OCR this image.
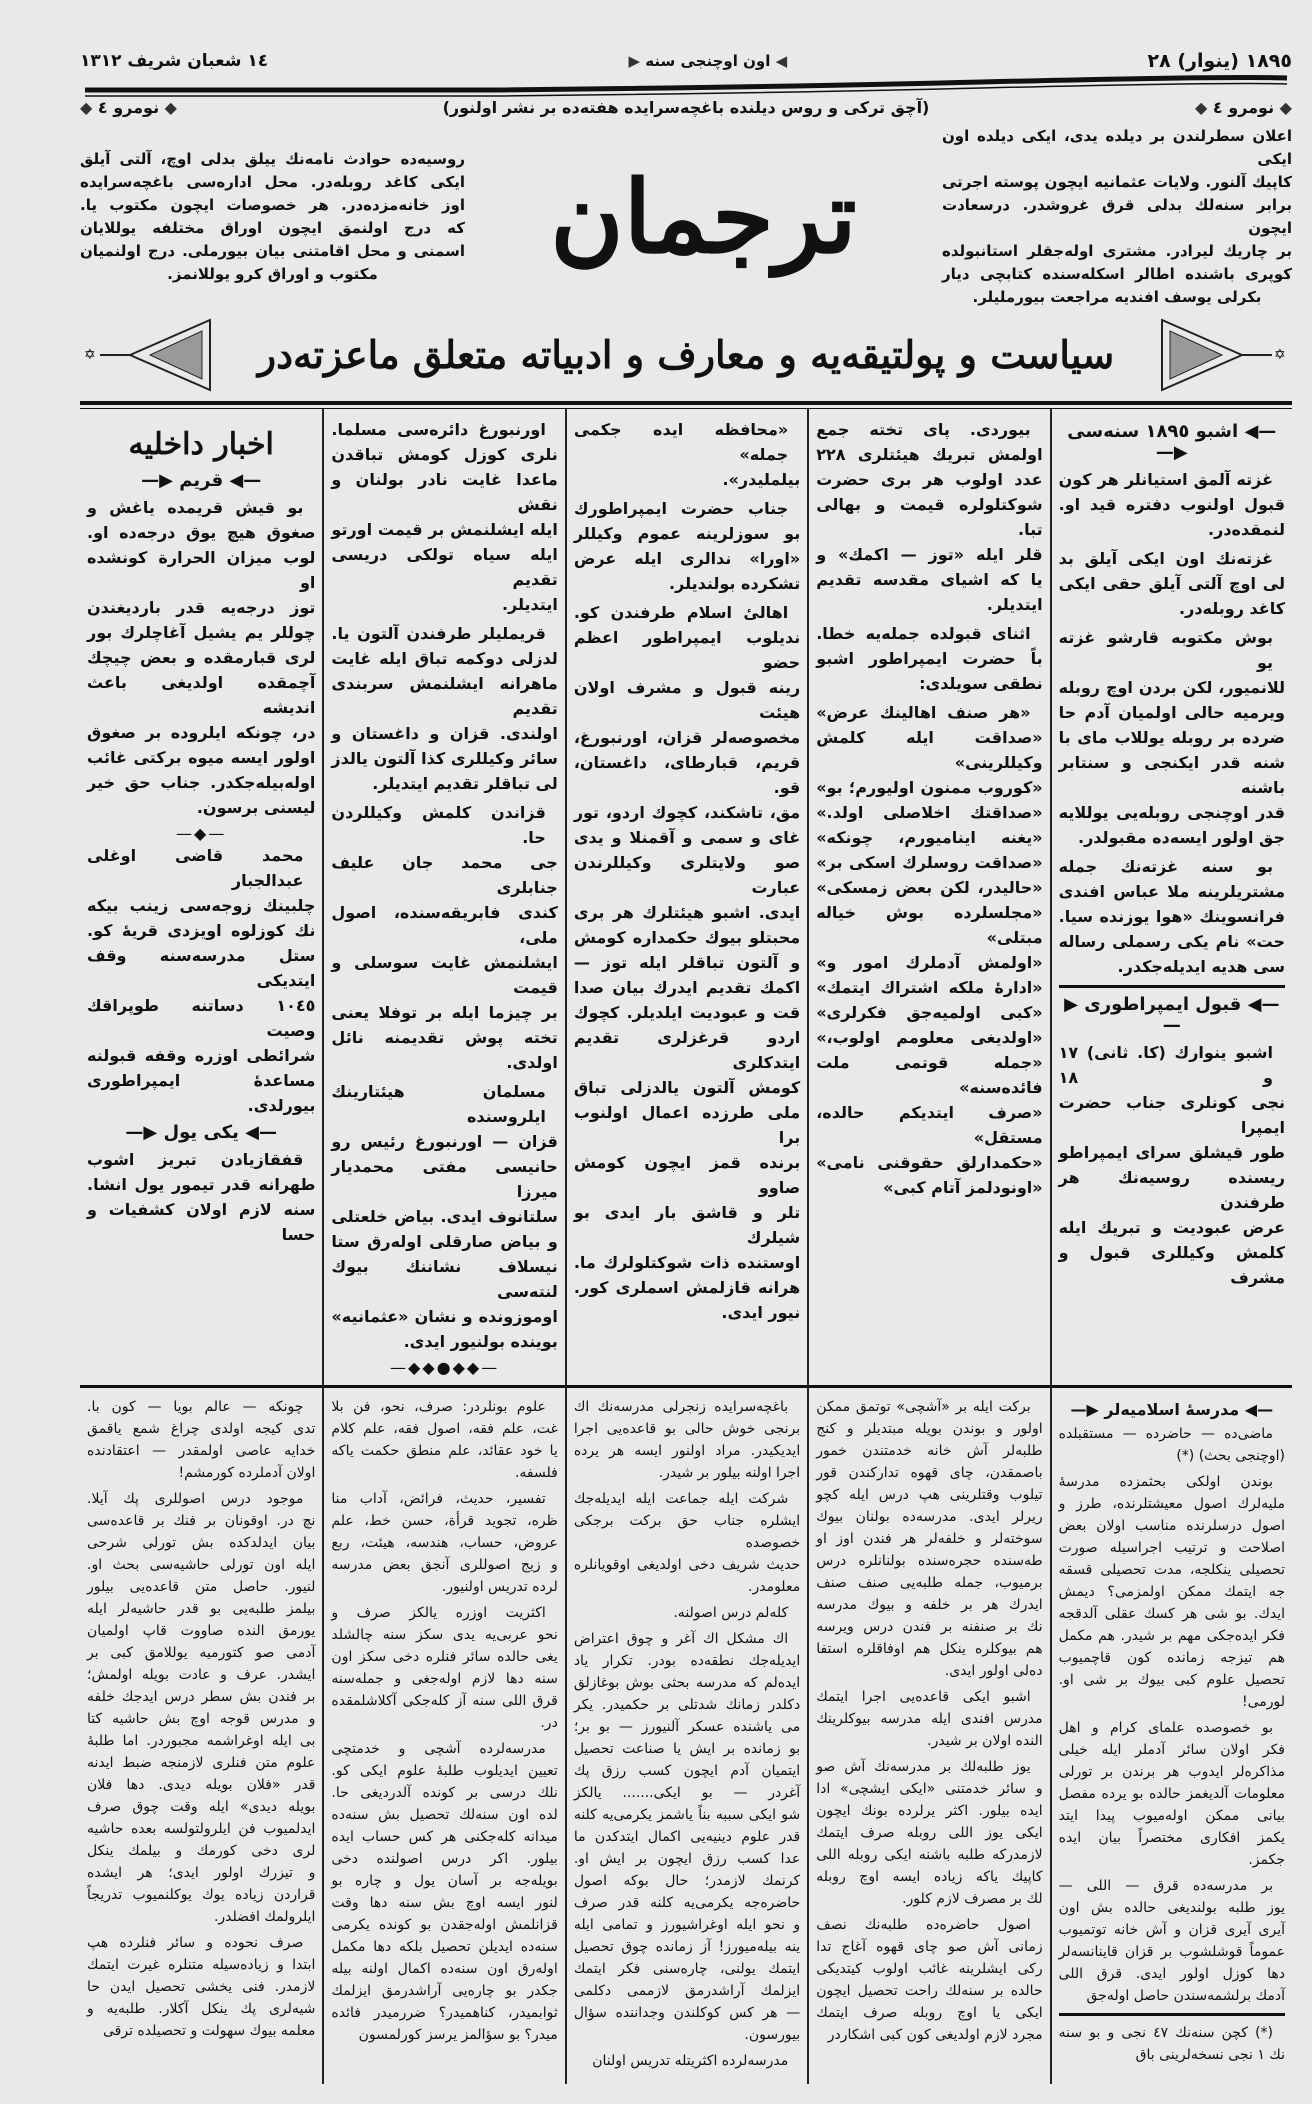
١٤ شعبان شريف ١٣١٢	◀ اون اوچنجی سنه ▶	١٨٩٥ (ينوار) ٢٨
◆ نومرو ٤ ◆	(آچق تركی و روس ديلنده باغچه‌سرايده هفته‌ده بر نشر اولنور)	◆ نومرو ٤ ◆
روسيه‌ده حوادث نامه‌نك ييلق بدلی اوچ، آلتی آيلق
ايكی كاغد روبله‌در. محل اداره‌سی باغچه‌سرايده
اوز خانه‌مزده‌در. هر خصوصات ايچون مكتوب يا.
كه درج اولنمق ايچون اوراق مختلفه يوللايان
اسمنی و محل اقامتنی بيان بيورملی. درج اولنميان
مكتوب و اوراق كرو يوللانمز.	ترجمان
اعلان سطرلندن بر ديلده يدی، ايكی ديلده اون ايكی
كاپيك آلنور. ولايات عثمانيه ايچون پوسته اجرتی
برابر سنه‌لك بدلی قرق غروشدر. درسعادت ايچون
بر چاريك ليرادر. مشتری اوله‌جقلر استانبولده
كوپری باشنده اطالر اسكله‌سنده كتابچی ديار
بكرلی يوسف افنديه مراجعت بيورمليلر.
✡	سياست و پولتيقه‌يه و معارف و ادبياته متعلق ماعزته‌در	✡
—◀ اشبو ١٨٩٥ سنه‌سی ▶—
غزته آلمق استيانلر هر كون
قبول اولنوب دفتره قيد او.
لنمقده‌در.
غزته‌نك اون ايكی آيلق بد
لی اوچ آلتی آيلق حقی ايكی
كاغد روبله‌در.
بوش مكتوبه قارشو غزته يو
للانميور، لكن بردن اوچ روبله
ويرميه حالی اولميان آدم حا
ضرده بر روبله يوللاب مای با
شنه قدر ايكنجی و سنتابر باشنه
قدر اوچنجی روبله‌يی يوللايه
جق اولور ايسه‌ده مقبولدر.
بو سنه غزته‌نك جمله
مشتريلرينه ملا عباس افندی
فرانسوينك «هوا يوزنده سيا.
حت» نام يكی رسملی رساله
سی هديه ايديله‌جكدر.
—◀ قبول ايمپراطوری ▶—
اشبو ينوارك (كا. ثانی) ١٧ و ١٨
نجی كونلری جناب حضرت ايمپرا
طور قيشلق سرای ايمپراطو
ريسنده روسيه‌نك هر طرفندن
عرض عبوديت و تبريك ايله
كلمش وكيللری قبول و مشرف
بيوردی. پای تخته جمع
اولمش تبريك هيئتلری ٢٢٨
عدد اولوب هر بری حضرت
شوكتلولره قيمت و بهالی تبا.
قلر ايله «توز — اكمك» و
يا كه اشيای مقدسه تقديم
ايتديلر.
اثنای قبولده جمله‌يه خطا.
باً حضرت ايمپراطور اشبو
نطقی سويلدی:
«هر صنف اهالينك عرض»
«صداقت ايله كلمش وكيللرينی»
«كوروب ممنون اوليورم؛ بو»
«صداقتك اخلاصلی اولد.»
«يغنه ايناميورم، چونكه»
«صداقت روسلرك اسكی بر»
«حاليدر، لكن بعض زمسكی»
«مجلسلرده بوش خياله مبتلی»
«اولمش آدملرك امور و»
«ادارهٔ ملكه اشتراك ايتمك»
«كبی اولميه‌جق فكرلری»
«اولديغی معلومم اولوب،»
«جمله قوتمی ملت فائده‌سنه»
«صرف ايتديكم حالده، مستقل»
«حكمدارلق حقوقنی نامی»
«اونودلمز آتام كبی»
«محافظه ايده جكمی جمله»
بيلمليدر».
جناب حضرت ايمپراطورك
بو سوزلرينه عموم وكيللر
«اورا» ندالری ايله عرض
تشكرده بولنديلر.
اهالیٔ اسلام طرفندن كو.
نديلوب ايمپراطور اعظم حضو
رينه قبول و مشرف اولان هيئت
مخصوصه‌لر قزان، اورنبورغ،
قريم، قبارطای، داغستان، قو.
مق، تاشكند، كچوك اردو، تور
غای و سمی و آقمنلا و يدی
صو ولايتلری وكيللرندن عبارت
ايدی. اشبو هيئتلرك هر بری
محبتلو بيوك حكمداره كومش
و آلتون تباقلر ايله توز —
اكمك تقديم ايدرك بيان صدا
قت و عبوديت ايلديلر. كچوك
اردو قرغزلری تقديم ايتدكلری
كومش آلتون يالدزلی تباق
ملی طرزده اعمال اولنوب برا
برنده قمز ايچون كومش صاوو
تلر و قاشق بار ايدی بو شيلرك
اوستنده ذات شوكتلولرك ما.
هرانه قازلمش اسملری كور.
نيور ايدی.
اورنبورغ دائره‌سی مسلما.
نلری كوزل كومش تباقدن
ماعدا غايت نادر بولنان و نقش
ايله ايشلنمش بر قيمت اورتو
ايله سياه تولكی دريسی تقديم
ايتديلر.
قريمليلر طرفندن آلتون يا.
لدزلی دوكمه تباق ايله غايت
ماهرانه ايشلنمش سربندی تقديم
اولندی. قزان و داغستان و
سائر وكيللری كذا آلتون يالدز
لی تباقلر تقديم ايتديلر.
قزاندن كلمش وكيللردن حا.
جی محمد جان عليف جنابلری
كندی فابريقه‌سنده، اصول ملی،
ايشلنمش غايت سوسلی و قيمت
بر چيزما ايله بر توفلا يعنی
تخته پوش تقديمنه نائل اولدی.
مسلمان هيئتارينك ايلروسنده
قزان — اورنبورغ رئيس رو
حانيسی مفتی محمديار ميرزا
سلتانوف ايدی. بياض خلعتلی
و بياض صارقلی اوله‌رق ستا
نيسلاف نشاننك بيوك لنته‌سی
اوموزونده و نشان «عثمانيه»
بوينده بولنيور ايدی.
—◆◆●◆◆—
اخبار داخليه
—◀ قريم ▶—
بو قيش قريمده ياغش و
صغوق هيچ يوق درجه‌ده او.
لوب ميزان الحرارة كونشده او
توز درجه‌يه قدر بارديغندن
چوللر يم يشيل آغاچلرك بور
لری قبارمقده و بعض چيچك
آچمقده اولديغی باعث انديشه
در، چونكه ايلروده بر صغوق
اولور ايسه ميوه بركتی غائب
اوله‌بيله‌جكدر. جناب حق خير
ليسنی برسون.
—◆—
محمد قاضی اوغلی عبدالجبار
چلبينك زوجه‌سی زينب بيكه
نك كوزلوه اويزدی قريهٔ كو.
ستل مدرسه‌سنه وقف ايتديكی
١٠٤٥ دساتنه طوپراقك وصيت
شرائطی اوزره وقفه قبولنه
مساعدهٔ ايمپراطوری بيورلدی.
—◀ يكی يول ▶—
قفقازيادن تبريز اشوب
طهرانه قدر تيمور يول انشا.
سنه لازم اولان كشفيات و حسا
—◀ مدرسهٔ اسلاميه‌لر ▶—
ماضی‌ده — حاضرده — مستقبلده
(اوچنجی بحث) (*)
بوندن اولكی بحثمزده مدرسهٔ
مليه‌لرك اصول معيشتلرنده، طرز و
اصول درسلرنده مناسب اولان بعض
اصلاحت و ترتيب اجراسيله صورت
تحصيلی ينكلجه، مدت تحصيلی قسقه
جه ايتمك ممكن اولمزمی؟ ديمش
ايدك. بو شی هر كسك عقلی آلدقجه
فكر ايده‌جكی مهم بر شيدر. هم مكمل
هم تيزجه زمانده كون قاچميوب
تحصيل علوم كبی بيوك بر شی او.
لورمی!
بو خصوصده علمای كرام و اهل
فكر اولان سائر آدملر ايله خيلی
مذاكره‌لر ايدوب هر برندن بر تورلی
معلومات آلديغمز حالده بو يرده مفصل
بيانی ممكن اوله‌ميوب پيدا ايتد
يكمز افكاری مختصراً بيان ايده
جكمز.
بر مدرسه‌ده قرق — اللی —
يوز طلبه بولنديغی حالده بش اون
آيری آيری قزان و آش خانه توتميوب
عموماً قوشلشوب بر قزان قاينانسه‌لر
دها كوزل اولور ايدی. قرق اللی
آدمك برلشمه‌سندن حاصل اوله‌جق
(*) كچن سنه‌نك ٤٧ نجی و بو سنه
نك ١ نجی نسخه‌لرينی باق
بركت ايله بر «آشچی» توتمق ممكن
اولور و بوندن بويله مبتديلر و كنج
طلبه‌لر آش خانه خدمتندن خمور
باصمقدن، چای قهوه تداركندن قور
تيلوب وقتلرينی هپ درس ايله كچو
ريرلر ايدی. مدرسه‌ده بولنان بيوك
سوخته‌لر و خلفه‌لر هر فندن اوز او
طه‌سنده حجره‌سنده بولنانلره درس
برميوب، جمله طلبه‌يی صنف صنف
ايدرك هر بر خلفه و بيوك مدرسه
نك بر صنفنه بر فندن درس ويرسه
هم بيوكلره ينكل هم اوفاقلره استفا
ده‌لی اولور ايدی.
اشبو ايكی قاعده‌يی اجرا ايتمك
مدرس افندی ايله مدرسه بيوكلرينك
النده اولان بر شيدر.
يوز طلبه‌لك بر مدرسه‌نك آش صو
و سائر خدمتنی «ايكی ايشچی» ادا
ايده بيلور. اكثر يرلرده بونك ايچون
ايكی يوز اللی روبله صرف ايتمك
لازمدركه طلبه باشنه ايكی روبله اللی
كاپيك ياكه زياده ايسه اوچ روبله
لك بر مصرف لازم كلور.
اصول حاضره‌ده طلبه‌نك نصف
زمانی آش صو چای قهوه آغاج تدا
ركی ايشلرينه غائب اولوب كيتديكی
حالده بر سنه‌لك راحت تحصيل ايچون
ايكی يا اوچ روبله صرف ايتمك
مجرد لازم اولديغی كون كبی اشكاردر
باغچه‌سرايده زنجرلی مدرسه‌نك اك
برنجی خوش حالی بو قاعده‌يی اجرا
ايديكيدر. مراد اولنور ايسه هر يرده
اجرا اولنه بيلور بر شيدر.
شركت ايله جماعت ايله ايديله‌جك
ايشلره جناب حق بركت برجكی خصوصده
حديث شريف دخی اولديغی اوقويانلره
معلومدر.
كله‌لم درس اصولنه.
اك مشكل اك آغر و چوق اعتراض
ايديله‌جك نطقه‌ده بودر. تكرار ياد
ايده‌لم كه مدرسه بحثی بوش بوغازلق
دكلدر زمانك شدتلی بر حكميدر. يكر
می ياشنده عسكر آلنيورز — بو بر؛
بو زمانده بر ايش يا صناعت تحصيل
ايتميان آدم ايچون كسب رزق پك
آغردر — بو ايكی....... يالكز
شو ايكی سببه بناً ياشمز يكرمی‌يه كلنه
قدر علوم دينيه‌يی اكمال ايتدكدن ما
عدا كسب رزق ايچون بر ايش او.
كرنمك لازمدر؛ حال بوكه اصول
حاضره‌جه يكرمی‌يه كلنه قدر صرف
و نحو ايله اوغراشيورز و تمامی ايله
ينه بيله‌ميورز! آز زمانده چوق تحصيل
ايتمك يولنی، چاره‌سنی فكر ايتمك
ايزلمك آراشدرمق لازممی دكلمی
— هر كس كوكلندن وجداننده سؤال
بيورسون.
مدرسه‌لرده اكثريتله تدريس اولنان
علوم بونلردر: صرف، نحو، فن بلا
غت، علم فقه، اصول فقه، علم كلام
يا خود عقائد، علم منطق حكمت ياكه
فلسفه.
تفسير، حديث، فرائض، آداب منا
ظره، تجويد قرأة، حسن خط، علم
عروض، حساب، هندسه، هيئت، ربع
و زيج اصوللری آنجق بعض مدرسه
لرده تدريس اولنيور.
اكثريت اوزره يالكز صرف و
نحو عربی‌يه يدی سكز سنه چالشلد
يغی حالده سائر فنلره دخی سكز اون
سنه دها لازم اوله‌جغی و جمله‌سنه
قرق اللی سنه آز كله‌جكی آكلاشلمقده
در.
مدرسه‌لرده آشچی و خدمتچی
تعيين ايديلوب طلبهٔ علوم ايكی كو.
نلك درسی بر كونده آلدرديغی حا.
لده اون سنه‌لك تحصيل بش سنه‌ده
ميدانه كله‌جكنی هر كس حساب ايده
بيلور. اكر درس اصولنده دخی
بويله‌جه بر آسان يول و چاره بو
لنور ايسه اوچ بش سنه دها وقت
قزانلمش اوله‌جقدن بو كونده يكرمی
سنه‌ده ايديلن تحصيل بلكه دها مكمل
اوله‌رق اون سنه‌ده اكمال اولنه بيله
جكدر بو چاره‌يی آراشدرمق ايزلمك
ثوابميدر، كناهميدر؟ ضررميدر فائده
ميدر؟ بو سؤالمز يرسز كورلمسون
چونكه — عالم بويا — كون با.
تدی كيجه اولدی چراغ شمع ياقمق
خدايه عاصی اولمقدر — اعتقادنده
اولان آدملرده كورمشم!
موجود درس اصوللری پك آيلا.
نچ در. اوقونان بر فنك بر قاعده‌سی
بيان ايدلدكده بش تورلی شرحی
ايله اون تورلی حاشيه‌سی بحث او.
لنيور. حاصل متن قاعده‌يی بيلور
بيلمز طلبه‌يی بو قدر حاشيه‌لر ايله
يورمق النده صاووت قاپ اولميان
آدمی صو كتورميه يوللامق كبی بر
ايشدر. عرف و عادت بويله اولمش؛
بر فندن بش سطر درس ايدجك خلفه
و مدرس قوجه اوچ بش حاشيه كتا
بی ايله اوغراشمه مجبوردر. اما طلبهٔ
علوم متن فنلری لازمنجه ضبط ايدنه
قدر «فلان بويله ديدی. دها فلان
بويله ديدی» ايله وقت چوق صرف
ايدلميوب فن ايلرولتولسه بعده حاشيه
لری دخی كورمك و بيلمك ينكل
و تيزرك اولور ايدی؛ هر ايشده
قراردن زياده يوك يوكلنميوب تدريجاً
ايلرولمك افضلدر.
صرف نحوده و سائر فنلرده هپ
ابتدا و زياده‌سيله متنلره غيرت ايتمك
لازمدر. فنی يخشی تحصيل ايدن حا
شيه‌لری پك ينكل آكلار. طلبه‌يه و
معلمه بيوك سهولت و تحصيلده ترقی
